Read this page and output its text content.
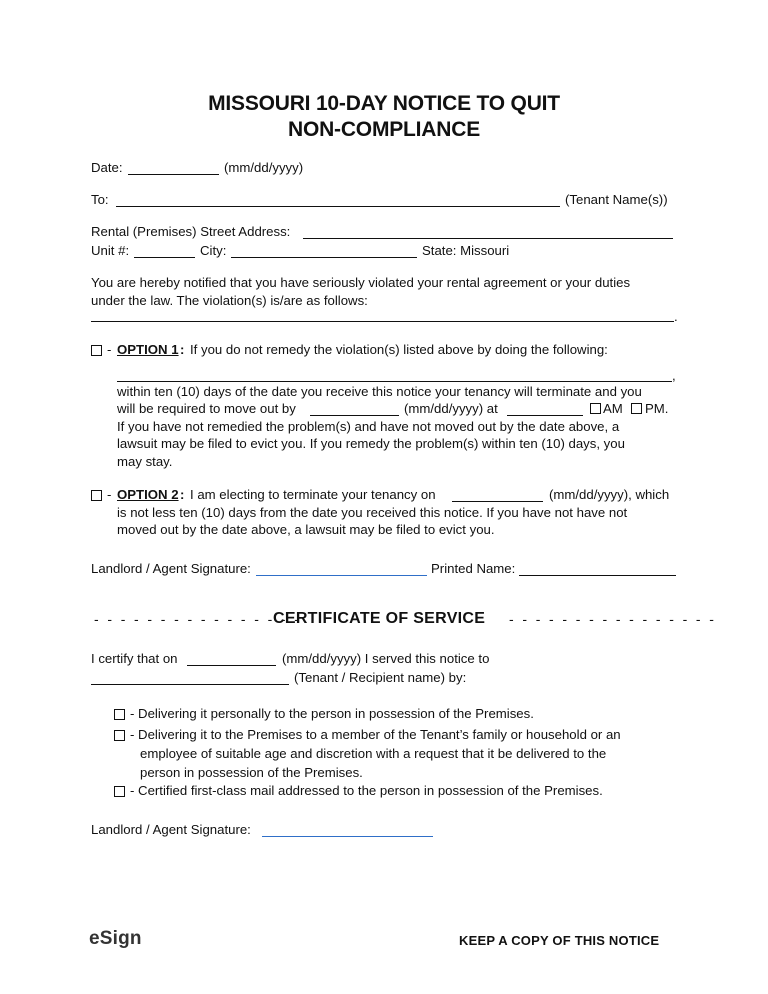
MISSOURI 10-DAY NOTICE TO QUIT
NON-COMPLIANCE
Date:	(mm/dd/yyyy)
To:	(Tenant Name(s))
Rental (Premises) Street Address:
Unit #:	City:	State: Missouri
You are hereby notified that you have seriously violated your rental agreement or your duties
under the law. The violation(s) is/are as follows:
.
- OPTION 1 : If you do not remedy the violation(s) listed above by doing the following:
,
within ten (10) days of the date you receive this notice your tenancy will terminate and you
will be required to move out by	(mm/dd/yyyy) at	AM PM.
If you have not remedied the problem(s) and have not moved out by the date above, a
lawsuit may be filed to evict you. If you remedy the problem(s) within ten (10) days, you
may stay.
- OPTION 2 : I am electing to terminate your tenancy on	(mm/dd/yyyy), which
is not less ten (10) days from the date you received this notice. If you have not have not
moved out by the date above, a lawsuit may be filed to evict you.
Landlord / Agent Signature:	Printed Name:
- - - - - - - - - - - - - - - -
CERTIFICATE OF SERVICE - - - - - - - - - - - - - - - -
I certify that on	(mm/dd/yyyy) I served this notice to
(Tenant / Recipient name) by:
- Delivering it personally to the person in possession of the Premises.
- Delivering it to the Premises to a member of the Tenant’s family or household or an
employee of suitable age and discretion with a request that it be delivered to the
person in possession of the Premises.
- Certified first-class mail addressed to the person in possession of the Premises.
Landlord / Agent Signature:
eSign	KEEP A COPY OF THIS NOTICE
